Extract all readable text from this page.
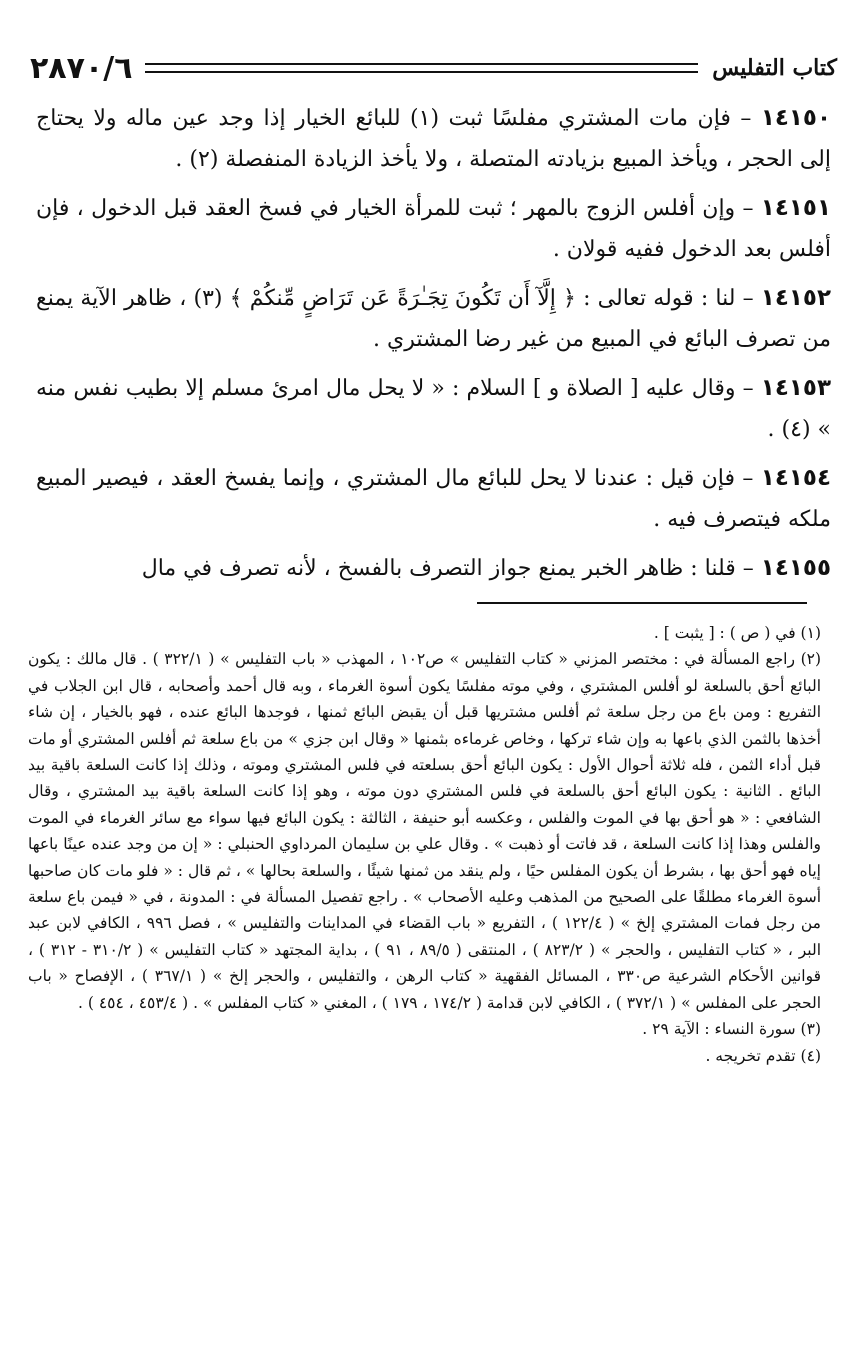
كتاب التفليس
٢٨٧٠/٦

١٤١٥٠ – فإن مات المشتري مفلسًا ثبت (١) للبائع الخيار إذا وجد عين ماله ولا يحتاج إلى الحجر ، ويأخذ المبيع بزيادته المتصلة ، ولا يأخذ الزيادة المنفصلة (٢) .

١٤١٥١ – وإن أفلس الزوج بالمهر ؛ ثبت للمرأة الخيار في فسخ العقد قبل الدخول ، فإن أفلس بعد الدخول ففيه قولان .

١٤١٥٢ – لنا : قوله تعالى : ﴿ إِلَّآ أَن تَكُونَ تِجَـٰرَةً عَن تَرَاضٍ مِّنكُمْ ﴾ (٣) ، ظاهر الآية يمنع من تصرف البائع في المبيع من غير رضا المشتري .

١٤١٥٣ – وقال عليه [ الصلاة و ] السلام : « لا يحل مال امرئ مسلم إلا بطيب نفس منه » (٤) .

١٤١٥٤ – فإن قيل : عندنا لا يحل للبائع مال المشتري ، وإنما يفسخ العقد ، فيصير المبيع ملكه فيتصرف فيه .

١٤١٥٥ – قلنا : ظاهر الخبر يمنع جواز التصرف بالفسخ ، لأنه تصرف في مال

(١) في ( ص ) : [ يثبت ] .

(٢) راجع المسألة في : مختصر المزني « كتاب التفليس » ص١٠٢ ، المهذب « باب التفليس » ( ٣٢٢/١ ) . قال مالك : يكون البائع أحق بالسلعة لو أفلس المشتري ، وفي موته مفلسًا يكون أسوة الغرماء ، وبه قال أحمد وأصحابه ، قال ابن الجلاب في التفريع : ومن باع من رجل سلعة ثم أفلس مشتريها قبل أن يقبض البائع ثمنها ، فوجدها البائع عنده ، فهو بالخيار ، إن شاء أخذها بالثمن الذي باعها به وإن شاء تركها ، وخاص غرماءه بثمنها « وقال ابن جزي » من باع سلعة ثم أفلس المشتري أو مات قبل أداء الثمن ، فله ثلاثة أحوال الأول : يكون البائع أحق بسلعته في فلس المشتري وموته ، وذلك إذا كانت السلعة باقية بيد البائع . الثانية : يكون البائع أحق بالسلعة في فلس المشتري دون موته ، وهو إذا كانت السلعة باقية بيد المشتري ، وقال الشافعي : « هو أحق بها في الموت والفلس ، وعكسه أبو حنيفة ، الثالثة : يكون البائع فيها سواء مع سائر الغرماء في الموت والفلس وهذا إذا كانت السلعة ، قد فاتت أو ذهبت » . وقال علي بن سليمان المرداوي الحنبلي : « إن من وجد عنده عينًا باعها إياه فهو أحق بها ، بشرط أن يكون المفلس حيًا ، ولم ينقد من ثمنها شيئًا ، والسلعة بحالها » ، ثم قال : « فلو مات كان صاحبها أسوة الغرماء مطلقًا على الصحيح من المذهب وعليه الأصحاب » . راجع تفصيل المسألة في : المدونة ، في « فيمن باع سلعة من رجل فمات المشتري إلخ » ( ١٢٢/٤ ) ، التفريع « باب القضاء في المداينات والتفليس » ، فصل ٩٩٦ ، الكافي لابن عبد البر ، « كتاب التفليس ، والحجر » ( ٨٢٣/٢ ) ، المنتقى ( ٨٩/٥ ، ٩١ ) ، بداية المجتهد « كتاب التفليس » ( ٣١٠/٢ - ٣١٢ ) ، قوانين الأحكام الشرعية ص٣٣٠ ، المسائل الفقهية « كتاب الرهن ، والتفليس ، والحجر إلخ » ( ٣٦٧/١ ) ، الإفصاح « باب الحجر على المفلس » ( ٣٧٢/١ ) ، الكافي لابن قدامة ( ١٧٤/٢ ، ١٧٩ ) ، المغني « كتاب المفلس » . ( ٤٥٣/٤ ، ٤٥٤ ) .

(٣) سورة النساء : الآية ٢٩ .

(٤) تقدم تخريجه .
